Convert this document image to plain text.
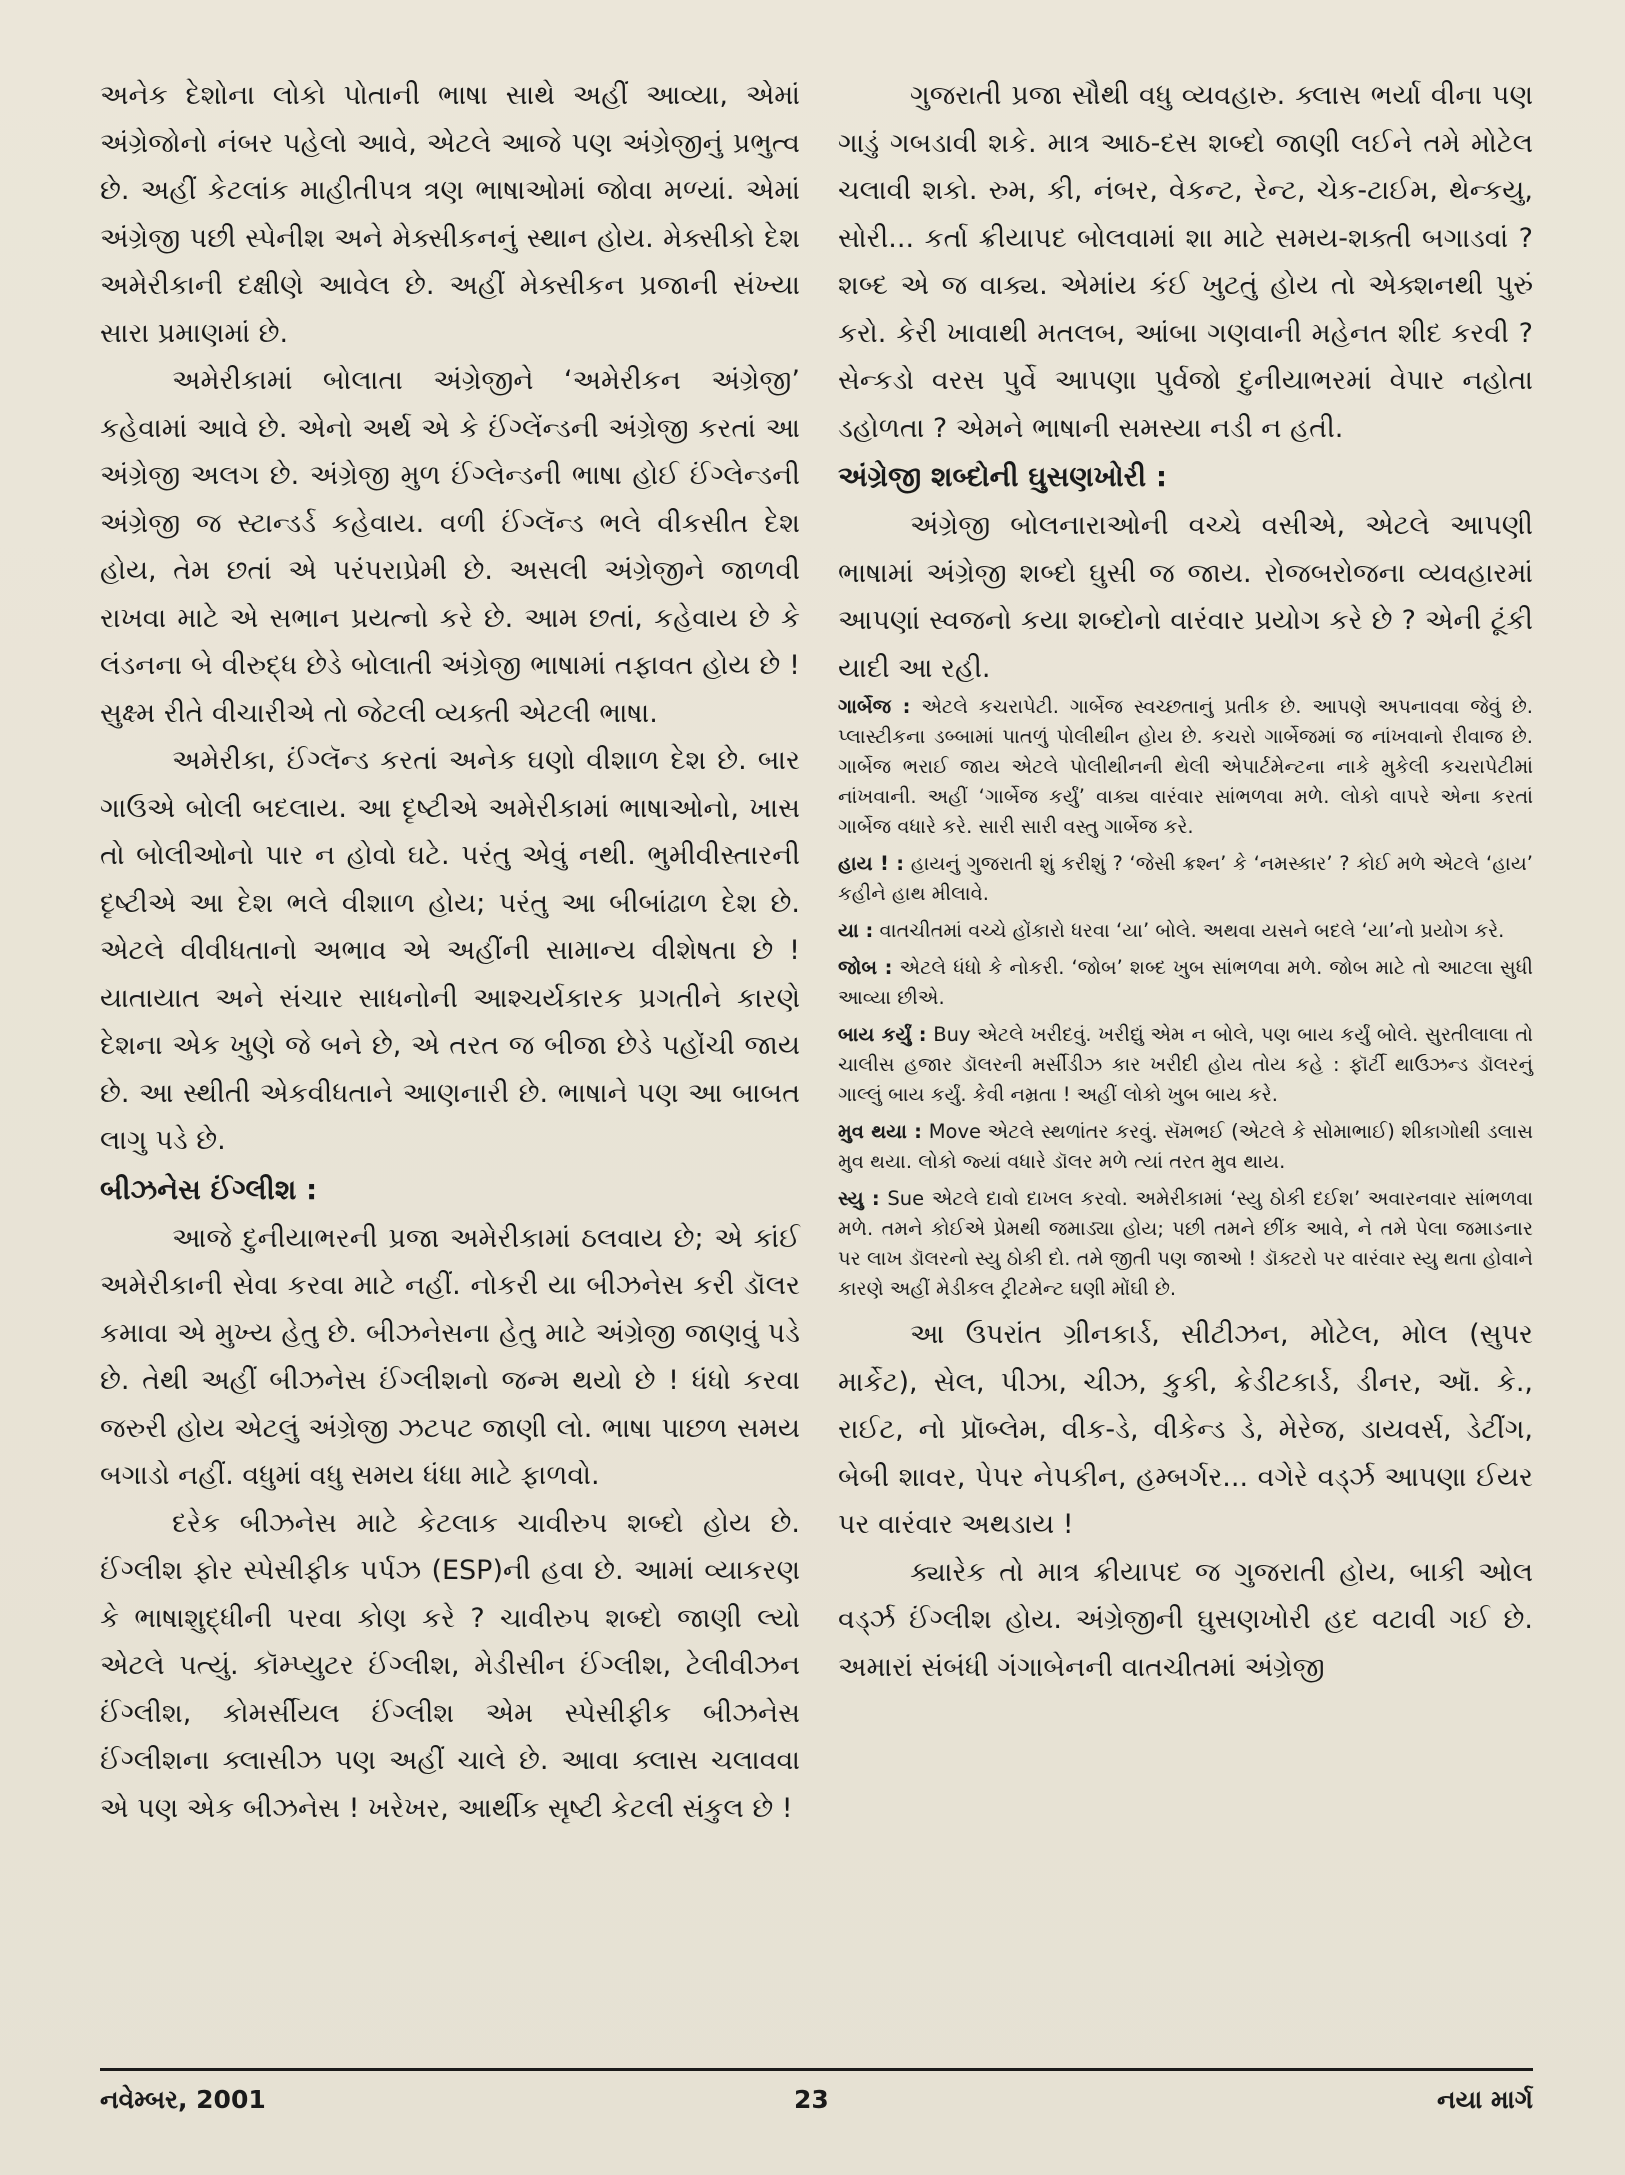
અનેક દેશોના લોકો પોતાની ભાષા સાથે અહીં આવ્યા, એમાં અંગ્રેજોનો નંબર પહેલો આવે, એટલે આજે પણ અંગ્રેજીનું પ્રભુત્વ છે. અહીં કેટલાંક માહીતીપત્ર ત્રણ ભાષાઓમાં જોવા મળ્યાં. એમાં અંગ્રેજી પછી સ્પેનીશ અને મેક્સીકનનું સ્થાન હોય. મેક્સીકો દેશ અમેરીકાની દક્ષીણે આવેલ છે. અહીં મેક્સીકન પ્રજાની સંખ્યા સારા પ્રમાણમાં છે.

અમેરીકામાં બોલાતા અંગ્રેજીને ‘અમેરીકન અંગ્રેજી’ કહેવામાં આવે છે. એનો અર્થ એ કે ઈંગ્લેંન્ડની અંગ્રેજી કરતાં આ અંગ્રેજી અલગ છે. અંગ્રેજી મુળ ઈંગ્લેન્ડની ભાષા હોઈ ઈંગ્લેન્ડની અંગ્રેજી જ સ્ટાન્ડર્ડ કહેવાય. વળી ઈંગ્લૅન્ડ ભલે વીકસીત દેશ હોય, તેમ છતાં એ પરંપરાપ્રેમી છે. અસલી અંગ્રેજીને જાળવી રાખવા માટે એ સભાન પ્રયત્નો કરે છે. આમ છતાં, કહેવાય છે કે લંડનના બે વીરુદ્ધ છેડે બોલાતી અંગ્રેજી ભાષામાં તફાવત હોય છે ! સુક્ષ્મ રીતે વીચારીએ તો જેટલી વ્યક્તી એટલી ભાષા.

અમેરીકા, ઈંગ્લૅન્ડ કરતાં અનેક ઘણો વીશાળ દેશ છે. બાર ગાઉએ બોલી બદલાય. આ દૃષ્ટીએ અમેરીકામાં ભાષાઓનો, ખાસ તો બોલીઓનો પાર ન હોવો ઘટે. પરંતુ એવું નથી. ભુમીવીસ્તારની દૃષ્ટીએ આ દેશ ભલે વીશાળ હોય; પરંતુ આ બીબાંઢાળ દેશ છે. એટલે વીવીધતાનો અભાવ એ અહીંની સામાન્ય વીશેષતા છે ! યાતાયાત અને સંચાર સાધનોની આશ્ચર્યકારક પ્રગતીને કારણે દેશના એક ખુણે જે બને છે, એ તરત જ બીજા છેડે પહોંચી જાય છે. આ સ્થીતી એકવીધતાને આણનારી છે. ભાષાને પણ આ બાબત લાગુ પડે છે.

બીઝનેસ ઈંગ્લીશ :

આજે દુનીયાભરની પ્રજા અમેરીકામાં ઠલવાય છે; એ કાંઈ અમેરીકાની સેવા કરવા માટે નહીં. નોકરી યા બીઝનેસ કરી ડૉલર કમાવા એ મુખ્ય હેતુ છે. બીઝનેસના હેતુ માટે અંગ્રેજી જાણવું પડે છે. તેથી અહીં બીઝનેસ ઈંગ્લીશનો જન્મ થયો છે ! ધંધો કરવા જરુરી હોય એટલું અંગ્રેજી ઝટપટ જાણી લો. ભાષા પાછળ સમય બગાડો નહીં. વધુમાં વધુ સમય ધંધા માટે ફાળવો.

દરેક બીઝનેસ માટે કેટલાક ચાવીરુપ શબ્દો હોય છે. ઈંગ્લીશ ફોર સ્પેસીફીક પર્પઝ (ESP)ની હવા છે. આમાં વ્યાકરણ કે ભાષાશુદ્ધીની પરવા કોણ કરે ? ચાવીરુપ શબ્દો જાણી લ્યો એટલે પત્યું. કૉમ્પ્યુટર ઈંગ્લીશ, મેડીસીન ઈંગ્લીશ, ટેલીવીઝન ઈંગ્લીશ, કોમર્સીયલ ઈંગ્લીશ એમ સ્પેસીફીક બીઝનેસ ઈંગ્લીશના ક્લાસીઝ પણ અહીં ચાલે છે. આવા ક્લાસ ચલાવવા એ પણ એક બીઝનેસ ! ખરેખર, આર્થીક સૃષ્ટી કેટલી સંકુલ છે !

ગુજરાતી પ્રજા સૌથી વધુ વ્યવહારુ. ક્લાસ ભર્યા વીના પણ ગાડું ગબડાવી શકે. માત્ર આઠ-દસ શબ્દો જાણી લઈને તમે મોટેલ ચલાવી શકો. રુમ, કી, નંબર, વેકન્ટ, રેન્ટ, ચેક-ટાઈમ, થેન્કયુ, સોરી... કર્તા ક્રીયાપદ બોલવામાં શા માટે સમય-શક્તી બગાડવાં ? શબ્દ એ જ વાક્ય. એમાંય કંઈ ખુટતું હોય તો એક્શનથી પુરું કરો. કેરી ખાવાથી મતલબ, આંબા ગણવાની મહેનત શીદ કરવી ? સેન્કડો વરસ પુર્વે આપણા પુર્વજો દુનીયાભરમાં વેપાર નહોતા ડહોળતા ? એમને ભાષાની સમસ્યા નડી ન હતી.

અંગ્રેજી શબ્દોની ઘુસણખોરી :

અંગ્રેજી બોલનારાઓની વચ્ચે વસીએ, એટલે આપણી ભાષામાં અંગ્રેજી શબ્દો ઘુસી જ જાય. રોજબરોજના વ્યવહારમાં આપણાં સ્વજનો કયા શબ્દોનો વારંવાર પ્રયોગ કરે છે ? એની ટૂંકી યાદી આ રહી.

ગાર્બેજ : એટલે કચરાપેટી. ગાર્બેજ સ્વચ્છતાનું પ્રતીક છે. આપણે અપનાવવા જેવું છે. પ્લાસ્ટીકના ડબ્બામાં પાતળું પોલીથીન હોય છે. કચરો ગાર્બેજમાં જ નાંખવાનો રીવાજ છે. ગાર્બેજ ભરાઈ જાય એટલે પોલીથીનની થેલી એપાર્ટમેન્ટના નાકે મુકેલી કચરાપેટીમાં નાંખવાની. અહીં ‘ગાર્બેજ કર્યું’ વાક્ય વારંવાર સાંભળવા મળે. લોકો વાપરે એના કરતાં ગાર્બેજ વધારે કરે. સારી સારી વસ્તુ ગાર્બેજ કરે.

હાય ! : હાયનું ગુજરાતી શું કરીશું ? ‘જેસી ક્રશ્ન’ કે ‘નમસ્કાર’ ? કોઈ મળે એટલે ‘હાય’ કહીને હાથ મીલાવે.

યા : વાતચીતમાં વચ્ચે હોંકારો ધરવા ‘યા’ બોલે. અથવા યસને બદલે ‘યા’નો પ્રયોગ કરે.

જોબ : એટલે ધંધો કે નોકરી. ‘જોબ’ શબ્દ ખુબ સાંભળવા મળે. જોબ માટે તો આટલા સુધી આવ્યા છીએ.

બાય કર્યું : Buy એટલે ખરીદવું. ખરીદ્યું એમ ન બોલે, પણ બાય કર્યું બોલે. સુરતીલાલા તો ચાલીસ હજાર ડૉલરની મર્સીડીઝ કાર ખરીદી હોય તોય કહે : ફૉર્ટી થાઉઝન્ડ ડૉલરનું ગાલ્લું બાય કર્યું. કેવી નમ્રતા ! અહીં લોકો ખુબ બાય કરે.

મુવ થયા : Move એટલે સ્થળાંતર કરવું. સૅમભઈ (એટલે કે સોમાભાઈ) શીકાગોથી ડલાસ મુવ થયા. લોકો જ્યાં વધારે ડૉલર મળે ત્યાં તરત મુવ થાય.

સ્યુ : Sue એટલે દાવો દાખલ કરવો. અમેરીકામાં ‘સ્યુ ઠોકી દઈશ’ અવારનવાર સાંભળવા મળે. તમને કોઈએ પ્રેમથી જમાડ્યા હોય; પછી તમને છીંક આવે, ને તમે પેલા જમાડનાર પર લાખ ડૉલરનો સ્યુ ઠોકી દો. તમે જીતી પણ જાઓ ! ડૉક્ટરો પર વારંવાર સ્યુ થતા હોવાને કારણે અહીં મેડીકલ ટ્રીટમેન્ટ ઘણી મોંઘી છે.

આ ઉપરાંત ગ્રીનકાર્ડ, સીટીઝન, મોટેલ, મોલ (સુપર માર્કેટ), સેલ, પીઝા, ચીઝ, કુકી, ક્રેડીટકાર્ડ, ડીનર, ઑ. કે., રાઈટ, નો પ્રૉબ્લેમ, વીક-ડે, વીકેન્ડ ડે, મેરેજ, ડાયવર્સ, ડેટીંગ, બેબી શાવર, પેપર નેપકીન, હમ્બર્ગર... વગેરે વર્ડ્ઝ આપણા ઈયર પર વારંવાર અથડાય !

ક્યારેક તો માત્ર ક્રીયાપદ જ ગુજરાતી હોય, બાકી ઓલ વર્ડ્ઝ ઈંગ્લીશ હોય. અંગ્રેજીની ઘુસણખોરી હદ વટાવી ગઈ છે. અમારાં સંબંધી ગંગાબેનની વાતચીતમાં અંગ્રેજી

નવેમ્બર, 2001	23	નયા માર્ગ
